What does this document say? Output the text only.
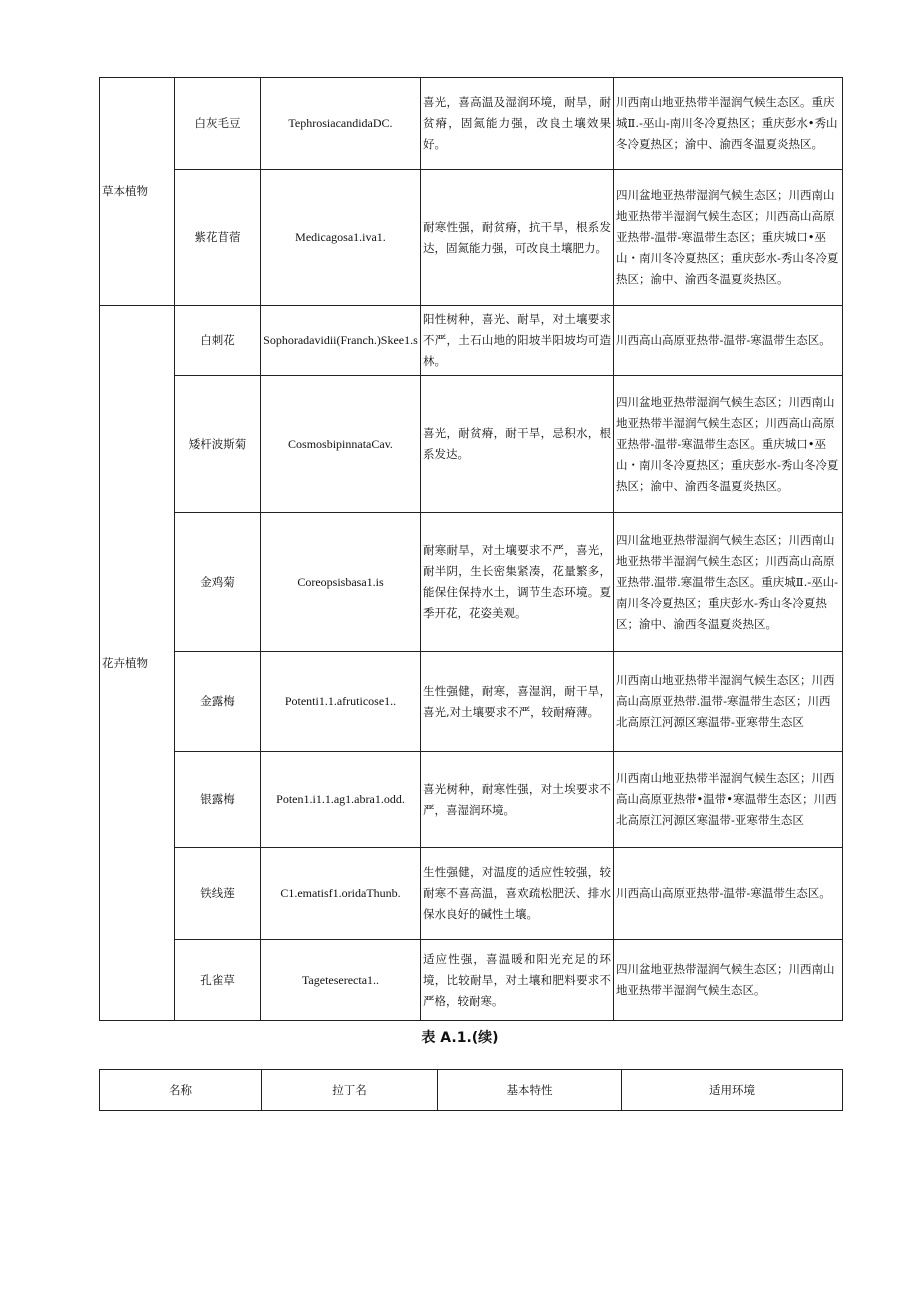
草本植物	白灰毛豆	TephrosiacandidaDC.	喜光，喜高温及湿润环境，耐旱，耐贫瘠，固氮能力强，改良土壤效果好。	川西南山地亚热带半湿润气候生态区。重庆城Ⅱ.-巫山-南川冬冷夏热区；重庆彭水•秀山冬冷夏热区；渝中、渝西冬温夏炎热区。
	紫花苜蓿	Medicagosa1.iva1.	耐寒性强，耐贫瘠，抗干旱，根系发达，固氮能力强，可改良土壤肥力。	四川盆地亚热带湿润气候生态区；川西南山地亚热带半湿润气候生态区；川西高山高原亚热带-温带-寒温带生态区；重庆城口•巫山・南川冬冷夏热区；重庆彭水-秀山冬冷夏热区；渝中、渝西冬温夏炎热区。
花卉植物	白刺花	Sophoradavidii(Franch.)Skee1.s	阳性树种，喜光、耐旱，对土壤要求不严，土石山地的阳坡半阳坡均可造林。	川西高山高原亚热带-温带-寒温带生态区。
	矮杆波斯菊	CosmosbipinnataCav.	喜光，耐贫瘠，耐干旱，忌积水，根系发达。	四川盆地亚热带湿润气候生态区；川西南山地亚热带半湿润气候生态区；川西高山高原亚热带-温带-寒温带生态区。重庆城口•巫山・南川冬冷夏热区；重庆彭水-秀山冬冷夏热区；渝中、渝西冬温夏炎热区。
	金鸡菊	Coreopsisbasa1.is	耐寒耐旱，对土壤要求不严，喜光，耐半阴，生长密集紧凑，花量繁多，能保住保持水土，调节生态环境。夏季开花，花姿美观。	四川盆地亚热带湿润气候生态区；川西南山地亚热带半湿润气候生态区；川西高山高原亚热带.温带.寒温带生态区。重庆城Ⅱ.-巫山-南川冬冷夏热区；重庆彭水-秀山冬冷夏热区；渝中、渝西冬温夏炎热区。
	金露梅	Potenti1.1.afruticose1..	生性强健，耐寒，喜湿润，耐干旱，喜光,对土壤要求不严，较耐瘠薄。	川西南山地亚热带半湿润气候生态区；川西高山高原亚热带.温带-寒温带生态区；川西北高原江河源区寒温带-亚寒带生态区
	银露梅	Poten1.i1.1.ag1.abra1.odd.	喜光树种，耐寒性强，对土埃要求不严，喜湿润环境。	川西南山地亚热带半湿润气候生态区；川西高山高原亚热带•温带•寒温带生态区；川西北高原江河源区寒温带-亚寒带生态区
	铁线莲	C1.ematisf1.oridaThunb.	生性强健，对温度的适应性较强，较耐寒不喜高温，喜欢疏松肥沃、排水保水良好的碱性土壤。	川西高山高原亚热带-温带-寒温带生态区。
	孔雀草	Tageteserecta1..	适应性强，喜温暖和阳光充足的环境，比较耐旱，对土壤和肥料要求不严格，较耐寒。	四川盆地亚热带湿润气候生态区；川西南山地亚热带半湿润气候生态区。
表 A.1.(续)
名称	拉丁名	基本特性	适用环境
